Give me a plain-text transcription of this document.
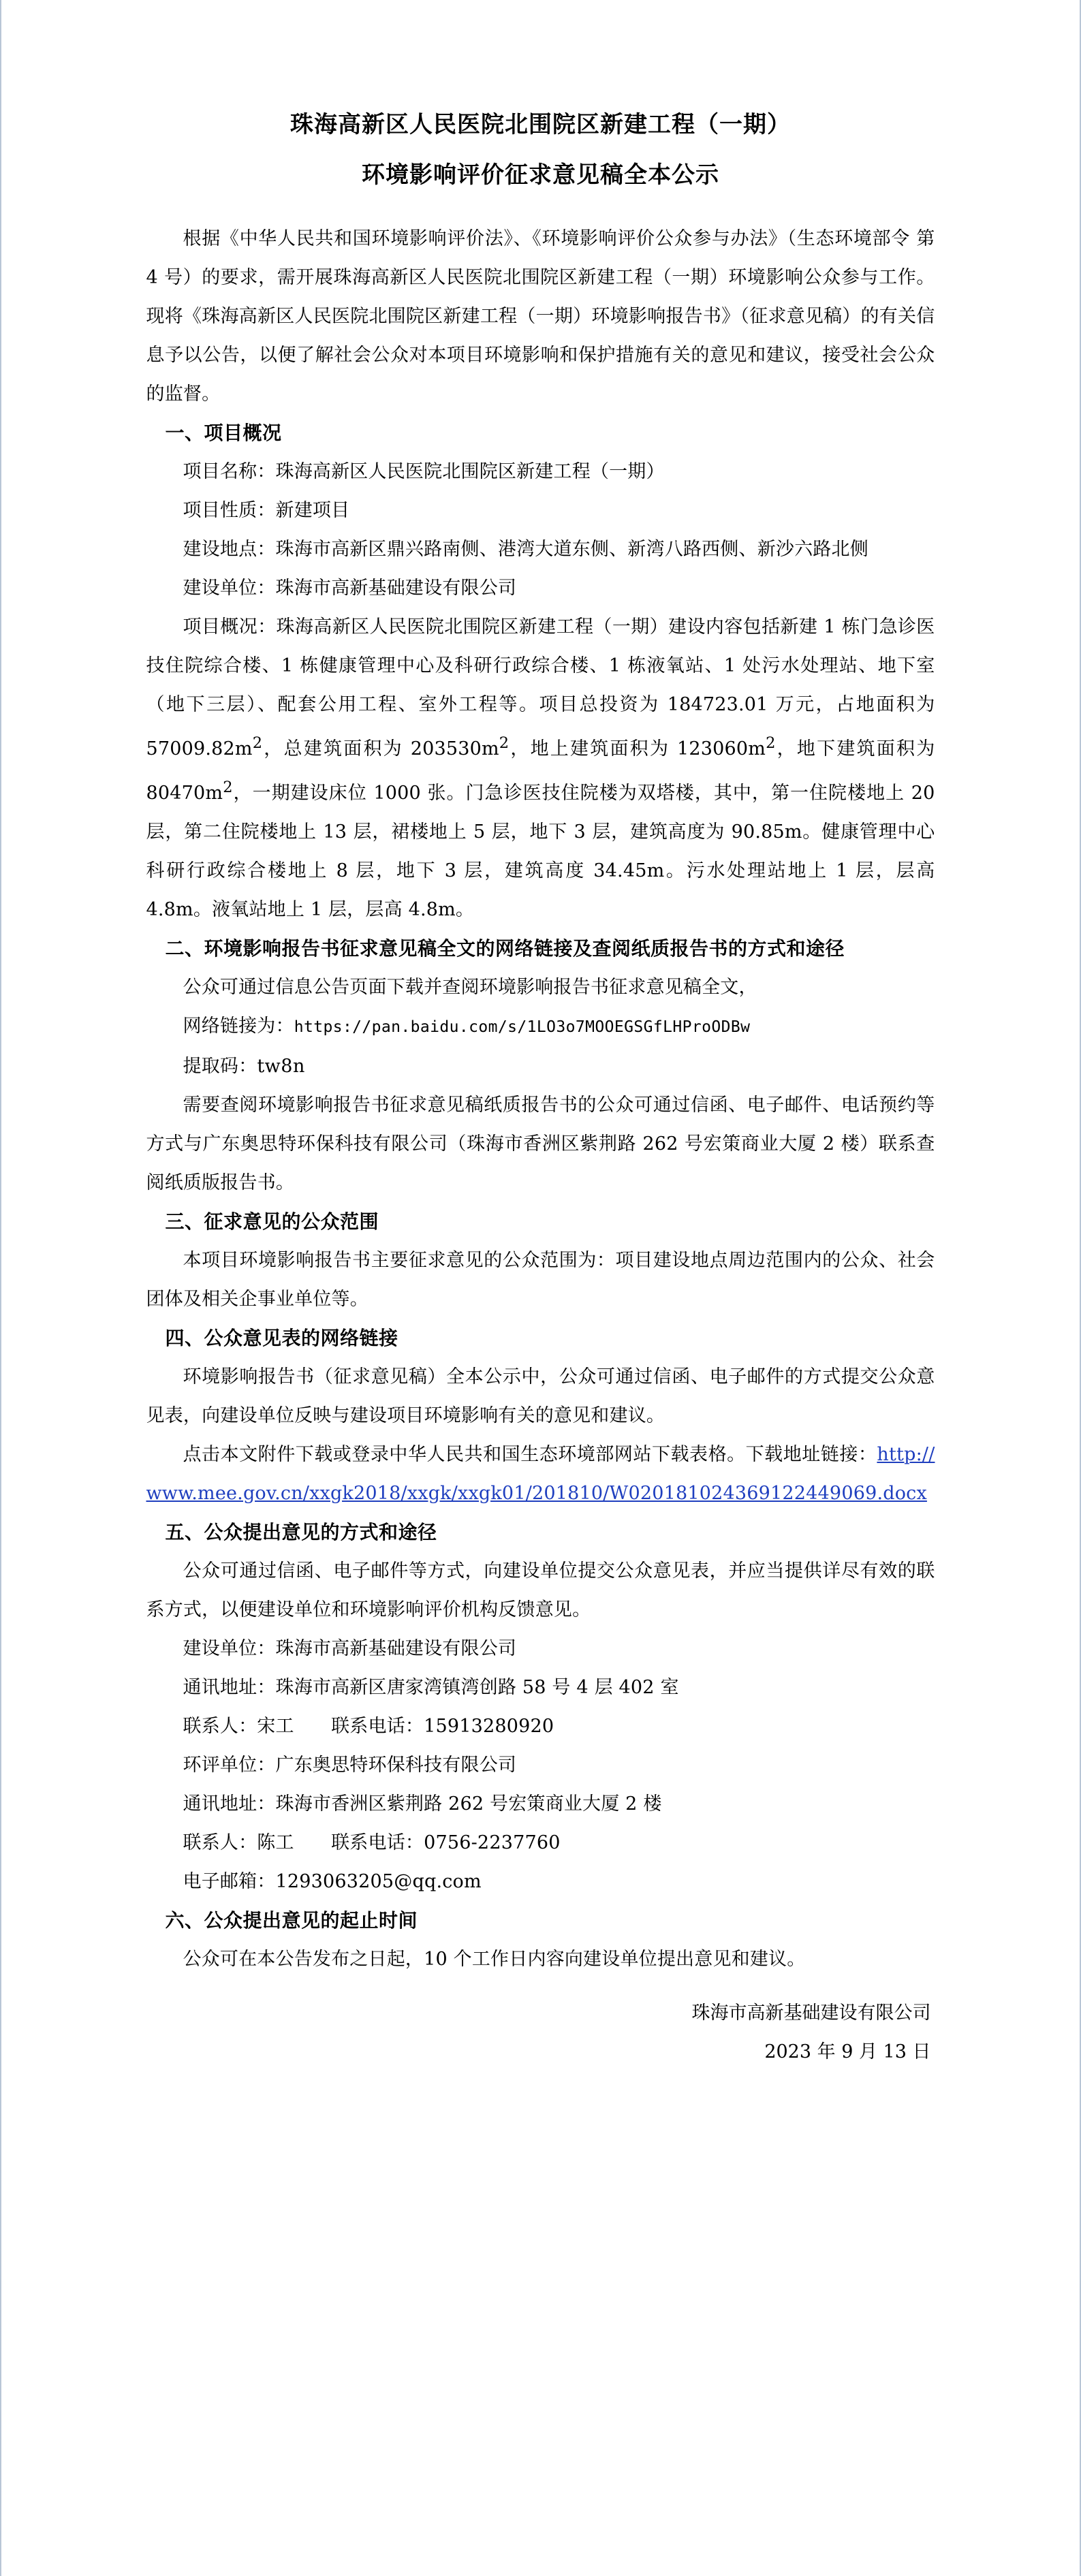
珠海高新区人民医院北围院区新建工程（一期）
环境影响评价征求意见稿全本公示

根据《中华人民共和国环境影响评价法》、《环境影响评价公众参与办法》（生态环境部令 第 4 号）的要求，需开展珠海高新区人民医院北围院区新建工程（一期）环境影响公众参与工作。现将《珠海高新区人民医院北围院区新建工程（一期）环境影响报告书》（征求意见稿）的有关信息予以公告，以便了解社会公众对本项目环境影响和保护措施有关的意见和建议，接受社会公众的监督。

一、项目概况

项目名称：珠海高新区人民医院北围院区新建工程（一期）

项目性质：新建项目

建设地点：珠海市高新区鼎兴路南侧、港湾大道东侧、新湾八路西侧、新沙六路北侧

建设单位：珠海市高新基础建设有限公司

项目概况：珠海高新区人民医院北围院区新建工程（一期）建设内容包括新建 1 栋门急诊医技住院综合楼、1 栋健康管理中心及科研行政综合楼、1 栋液氧站、1 处污水处理站、地下室（地下三层）、配套公用工程、室外工程等。项目总投资为 184723.01 万元，占地面积为 $57009.82m^2$，总建筑面积为 $203530m^2$，地上建筑面积为 $123060m^2$，地下建筑面积为 $80470m^2$，一期建设床位 1000 张。门急诊医技住院楼为双塔楼，其中，第一住院楼地上 20 层，第二住院楼地上 13 层，裙楼地上 5 层，地下 3 层，建筑高度为 90.85m。健康管理中心科研行政综合楼地上 8 层，地下 3 层，建筑高度 34.45m。污水处理站地上 1 层，层高 4.8m。液氧站地上 1 层，层高 4.8m。

二、环境影响报告书征求意见稿全文的网络链接及查阅纸质报告书的方式和途径

公众可通过信息公告页面下载并查阅环境影响报告书征求意见稿全文，

网络链接为：https://pan.baidu.com/s/1LO3o7MOOEGSGfLHProODBw

提取码：tw8n

需要查阅环境影响报告书征求意见稿纸质报告书的公众可通过信函、电子邮件、电话预约等方式与广东奥思特环保科技有限公司（珠海市香洲区紫荆路 262 号宏策商业大厦 2 楼）联系查阅纸质版报告书。

三、征求意见的公众范围

本项目环境影响报告书主要征求意见的公众范围为：项目建设地点周边范围内的公众、社会团体及相关企事业单位等。

四、公众意见表的网络链接

环境影响报告书（征求意见稿）全本公示中，公众可通过信函、电子邮件的方式提交公众意见表，向建设单位反映与建设项目环境影响有关的意见和建议。

点击本文附件下载或登录中华人民共和国生态环境部网站下载表格。下载地址链接：http://www.mee.gov.cn/xxgk2018/xxgk/xxgk01/201810/W020181024369122449069.docx

五、公众提出意见的方式和途径

公众可通过信函、电子邮件等方式，向建设单位提交公众意见表，并应当提供详尽有效的联系方式，以便建设单位和环境影响评价机构反馈意见。

建设单位：珠海市高新基础建设有限公司

通讯地址：珠海市高新区唐家湾镇湾创路 58 号 4 层 402 室

联系人：宋工　　联系电话：15913280920

环评单位：广东奥思特环保科技有限公司

通讯地址：珠海市香洲区紫荆路 262 号宏策商业大厦 2 楼

联系人：陈工　　联系电话：0756-2237760

电子邮箱：1293063205@qq.com

六、公众提出意见的起止时间

公众可在本公告发布之日起，10 个工作日内容向建设单位提出意见和建议。

珠海市高新基础建设有限公司

2023 年 9 月 13 日
